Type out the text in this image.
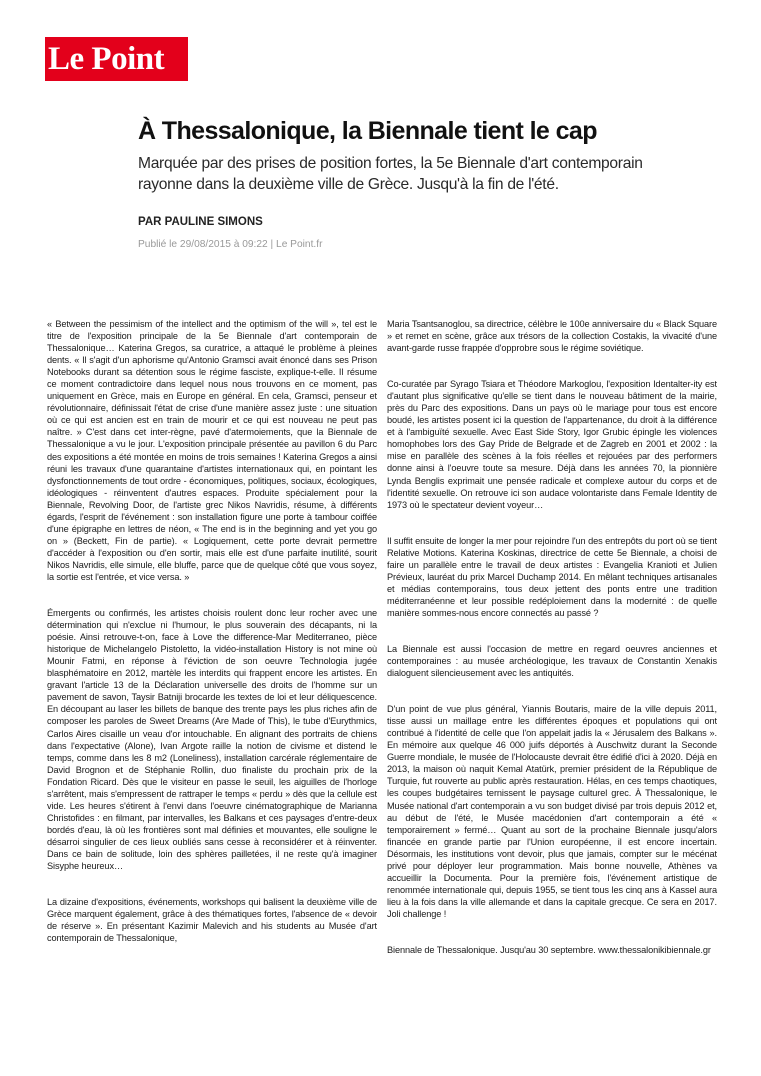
Le Point
À Thessalonique, la Biennale tient le cap

Marquée par des prises de position fortes, la 5e Biennale d'art contemporain rayonne dans la deuxième ville de Grèce. Jusqu'à la fin de l'été.

PAR PAULINE SIMONS
Publié le 29/08/2015 à 09:22 | Le Point.fr

« Between the pessimism of the intellect and the optimism of the will », tel est le titre de l'exposition principale de la 5e Biennale d'art contemporain de Thessalonique… Katerina Gregos, sa curatrice, a attaqué le problème à pleines dents. « Il s'agit d'un aphorisme qu'Antonio Gramsci avait énoncé dans ses Prison Notebooks durant sa détention sous le régime fasciste, explique-t-elle. Il résume ce moment contradictoire dans lequel nous nous trouvons en ce moment, pas uniquement en Grèce, mais en Europe en général. En cela, Gramsci, penseur et révolutionnaire, définissait l'état de crise d'une manière assez juste : une situation où ce qui est ancien est en train de mourir et ce qui est nouveau ne peut pas naître. » C'est dans cet inter-règne, pavé d'atermoiements, que la Biennale de Thessalonique a vu le jour. L'exposition principale présentée au pavillon 6 du Parc des expositions a été montée en moins de trois semaines ! Katerina Gregos a ainsi réuni les travaux d'une quarantaine d'artistes internationaux qui, en pointant les dysfonctionnements de tout ordre - économiques, politiques, sociaux, écologiques, idéologiques - réinventent d'autres espaces. Produite spécialement pour la Biennale, Revolving Door, de l'artiste grec Nikos Navridis, résume, à différents égards, l'esprit de l'événement : son installation figure une porte à tambour coiffée d'une épigraphe en lettres de néon, « The end is in the beginning and yet you go on » (Beckett, Fin de partie). « Logiquement, cette porte devrait permettre d'accéder à l'exposition ou d'en sortir, mais elle est d'une parfaite inutilité, sourit Nikos Navridis, elle simule, elle bluffe, parce que de quelque côté que vous soyez, la sortie est l'entrée, et vice versa. »

Émergents ou confirmés, les artistes choisis roulent donc leur rocher avec une détermination qui n'exclue ni l'humour, le plus souverain des décapants, ni la poésie. Ainsi retrouve-t-on, face à Love the difference-Mar Mediterraneo, pièce historique de Michelangelo Pistoletto, la vidéo-installation History is not mine où Mounir Fatmi, en réponse à l'éviction de son oeuvre Technologia jugée blasphématoire en 2012, martèle les interdits qui frappent encore les artistes. En gravant l'article 13 de la Déclaration universelle des droits de l'homme sur un pavement de savon, Taysir Batniji brocarde les textes de loi et leur déliquescence. En découpant au laser les billets de banque des trente pays les plus riches afin de composer les paroles de Sweet Dreams (Are Made of This), le tube d'Eurythmics, Carlos Aires cisaille un veau d'or intouchable. En alignant des portraits de chiens dans l'expectative (Alone), Ivan Argote raille la notion de civisme et distend le temps, comme dans les 8 m2 (Loneliness), installation carcérale réglementaire de David Brognon et de Stéphanie Rollin, duo finaliste du prochain prix de la Fondation Ricard. Dès que le visiteur en passe le seuil, les aiguilles de l'horloge s'arrêtent, mais s'empressent de rattraper le temps « perdu » dès que la cellule est vide. Les heures s'étirent à l'envi dans l'oeuvre cinématographique de Marianna Christofides : en filmant, par intervalles, les Balkans et ces paysages d'entre-deux bordés d'eau, là où les frontières sont mal définies et mouvantes, elle souligne le désarroi singulier de ces lieux oubliés sans cesse à reconsidérer et à réinventer. Dans ce bain de solitude, loin des sphères pailletées, il ne reste qu'à imaginer Sisyphe heureux…

La dizaine d'expositions, événements, workshops qui balisent la deuxième ville de Grèce marquent également, grâce à des thématiques fortes, l'absence de « devoir de réserve ». En présentant Kazimir Malevich and his students au Musée d'art contemporain de Thessalonique,

Maria Tsantsanoglou, sa directrice, célèbre le 100e anniversaire du « Black Square » et remet en scène, grâce aux trésors de la collection Costakis, la vivacité d'une avant-garde russe frappée d'opprobre sous le régime soviétique.

Co-curatée par Syrago Tsiara et Théodore Markoglou, l'exposition Identalter-ity est d'autant plus significative qu'elle se tient dans le nouveau bâtiment de la mairie, près du Parc des expositions. Dans un pays où le mariage pour tous est encore boudé, les artistes posent ici la question de l'appartenance, du droit à la différence et à l'ambiguïté sexuelle. Avec East Side Story, Igor Grubic épingle les violences homophobes lors des Gay Pride de Belgrade et de Zagreb en 2001 et 2002 : la mise en parallèle des scènes à la fois réelles et rejouées par des performers donne ainsi à l'oeuvre toute sa mesure. Déjà dans les années 70, la pionnière Lynda Benglis exprimait une pensée radicale et complexe autour du corps et de l'identité sexuelle. On retrouve ici son audace volontariste dans Female Identity de 1973 où le spectateur devient voyeur…

Il suffit ensuite de longer la mer pour rejoindre l'un des entrepôts du port où se tient Relative Motions. Katerina Koskinas, directrice de cette 5e Biennale, a choisi de faire un parallèle entre le travail de deux artistes : Evangelia Kranioti et Julien Prévieux, lauréat du prix Marcel Duchamp 2014. En mêlant techniques artisanales et médias contemporains, tous deux jettent des ponts entre une tradition méditerranéenne et leur possible redéploiement dans la modernité : de quelle manière sommes-nous encore connectés au passé ?

La Biennale est aussi l'occasion de mettre en regard oeuvres anciennes et contemporaines : au musée archéologique, les travaux de Constantin Xenakis dialoguent silencieusement avec les antiquités.

D'un point de vue plus général, Yiannis Boutaris, maire de la ville depuis 2011, tisse aussi un maillage entre les différentes époques et populations qui ont contribué à l'identité de celle que l'on appelait jadis la « Jérusalem des Balkans ». En mémoire aux quelque 46 000 juifs déportés à Auschwitz durant la Seconde Guerre mondiale, le musée de l'Holocauste devrait être édifié d'ici à 2020. Déjà en 2013, la maison où naquit Kemal Atatürk, premier président de la République de Turquie, fut rouverte au public après restauration. Hélas, en ces temps chaotiques, les coupes budgétaires ternissent le paysage culturel grec. À Thessalonique, le Musée national d'art contemporain a vu son budget divisé par trois depuis 2012 et, au début de l'été, le Musée macédonien d'art contemporain a été « temporairement » fermé… Quant au sort de la prochaine Biennale jusqu'alors financée en grande partie par l'Union européenne, il est encore incertain. Désormais, les institutions vont devoir, plus que jamais, compter sur le mécénat privé pour déployer leur programmation. Mais bonne nouvelle, Athènes va accueillir la Documenta. Pour la première fois, l'événement artistique de renommée internationale qui, depuis 1955, se tient tous les cinq ans à Kassel aura lieu à la fois dans la ville allemande et dans la capitale grecque. Ce sera en 2017. Joli challenge !

Biennale de Thessalonique. Jusqu'au 30 septembre. www.thessalonikibiennale.gr
